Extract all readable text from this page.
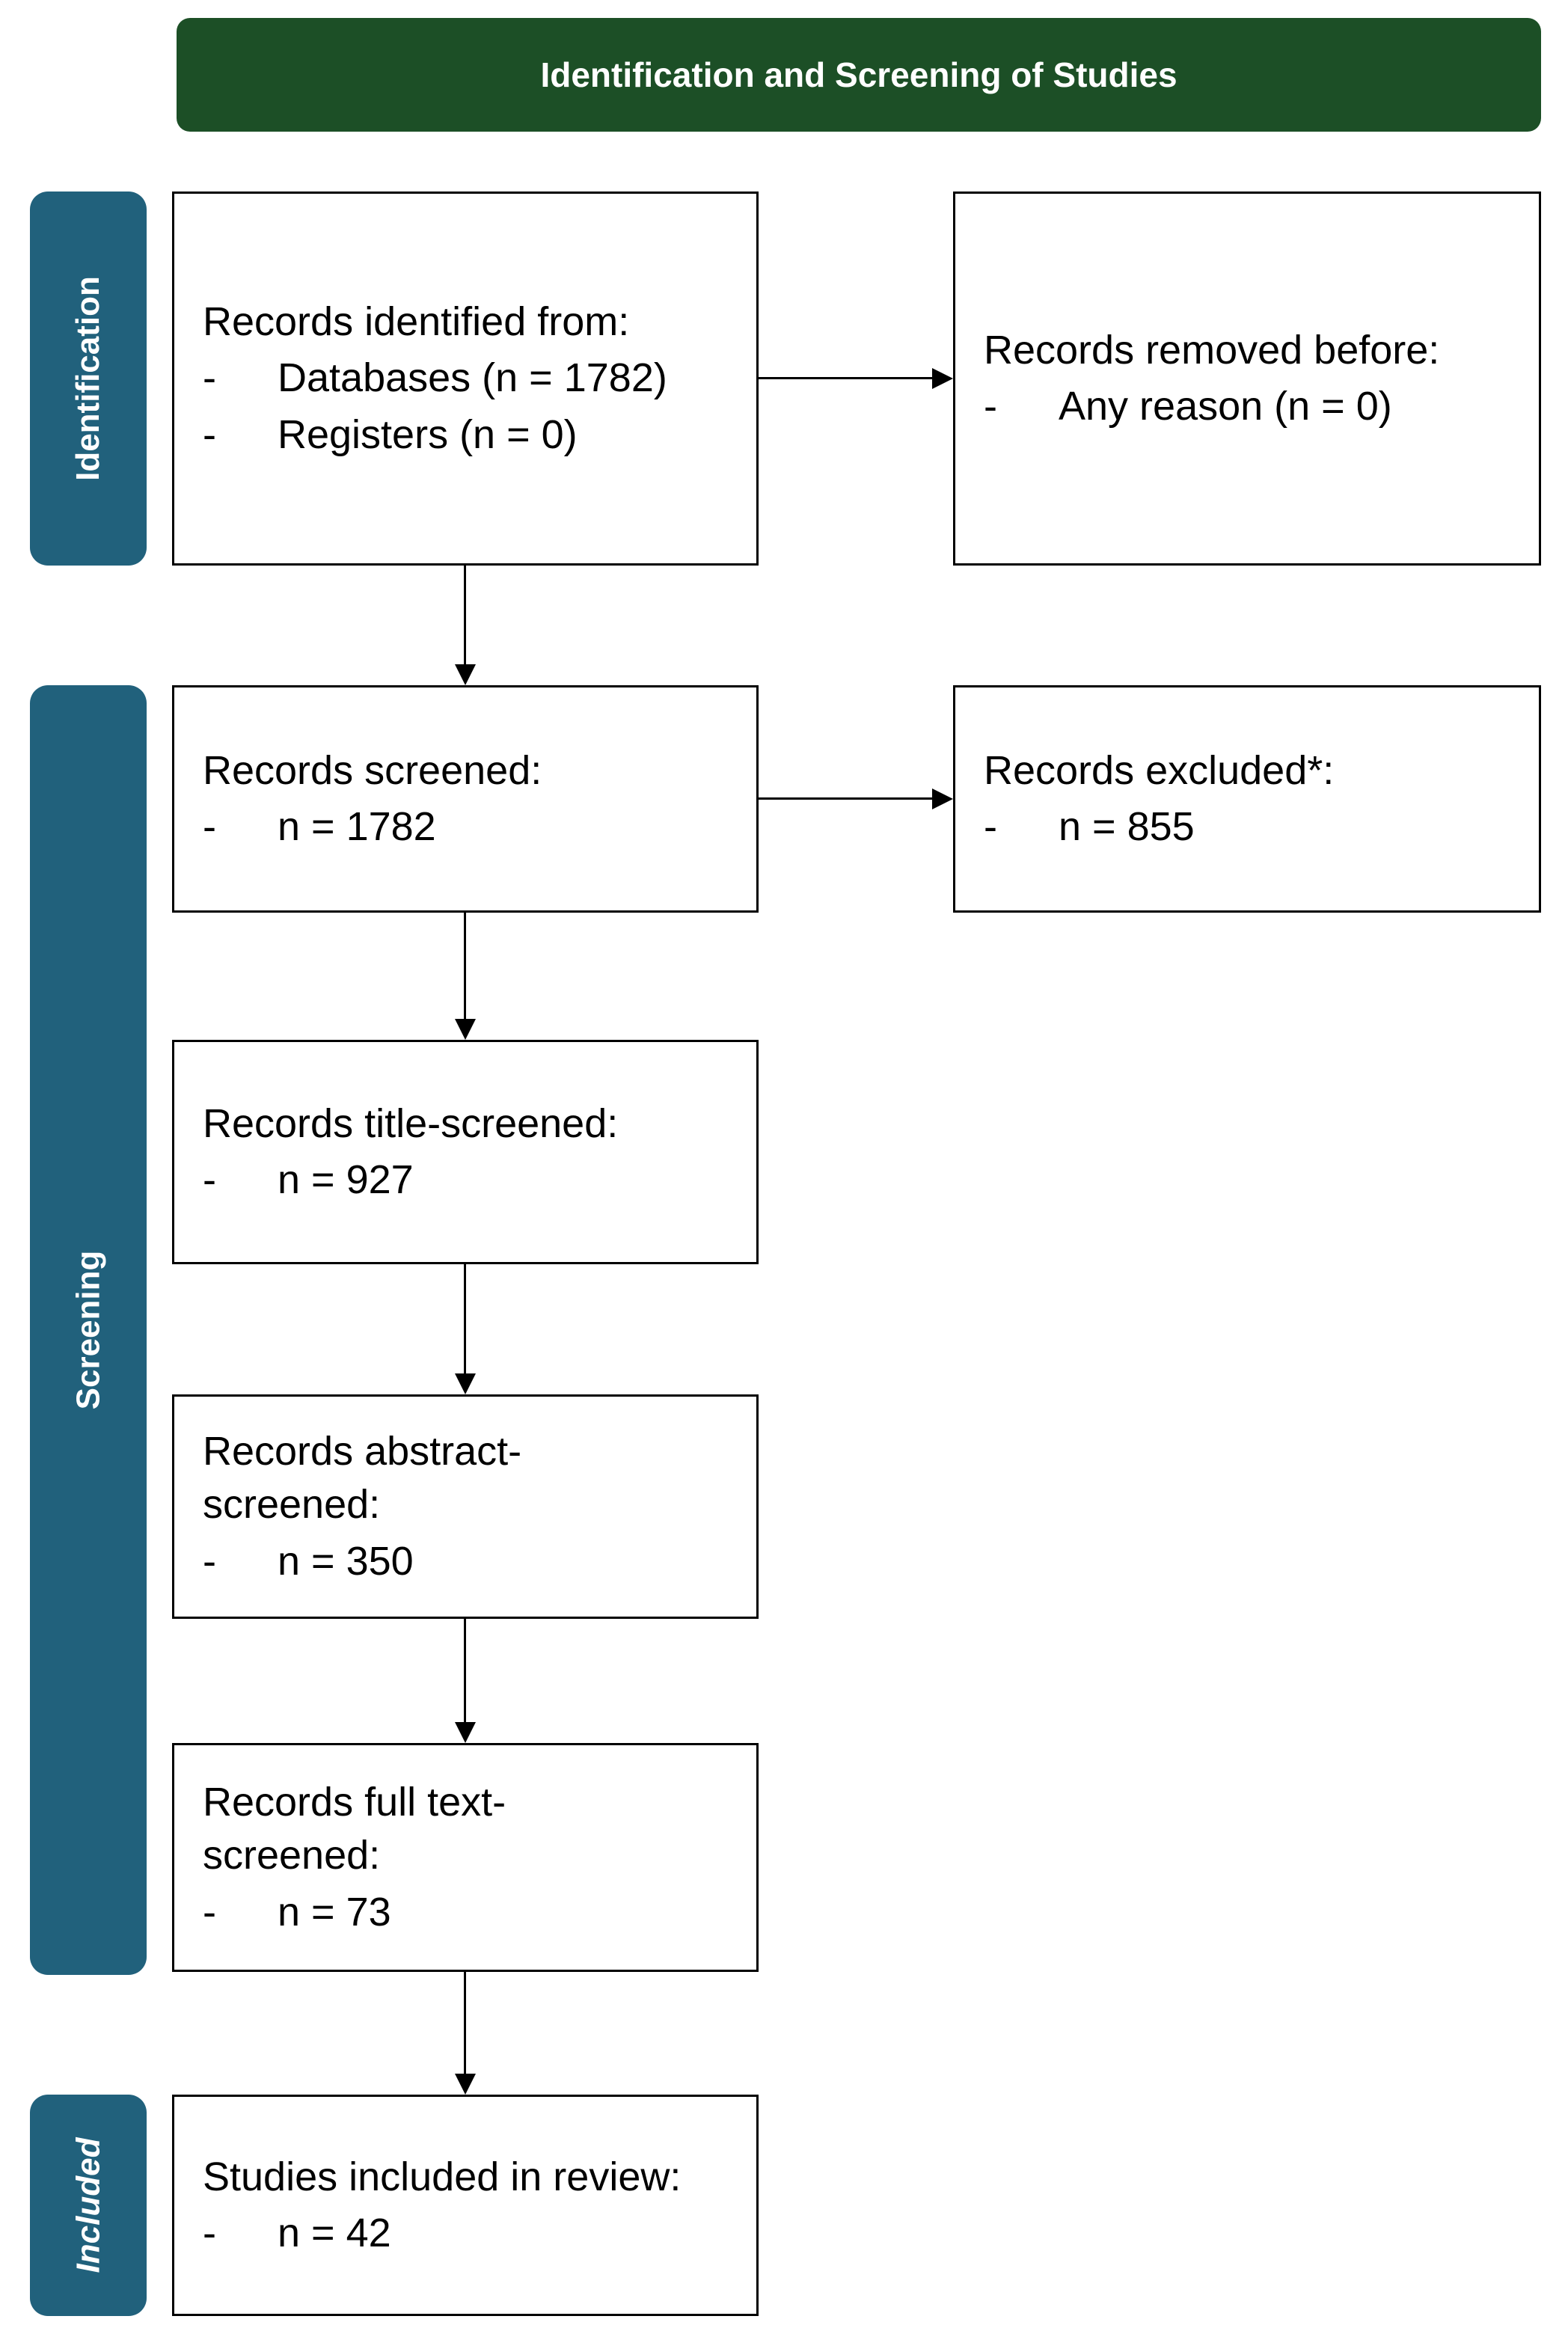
Identification and Screening of Studies
Identification
Screening
Included
Records identified from:
-	Databases (n = 1782)
-	Registers (n = 0)
Records removed before:
-	Any reason (n = 0)
Records screened:
-	n = 1782
Records excluded*:
-	n = 855
Records title-screened:
-	n = 927
Records abstract-screened:
-	n = 350
Records full text-screened:
-	n = 73
Studies included in review:
-	n = 42
